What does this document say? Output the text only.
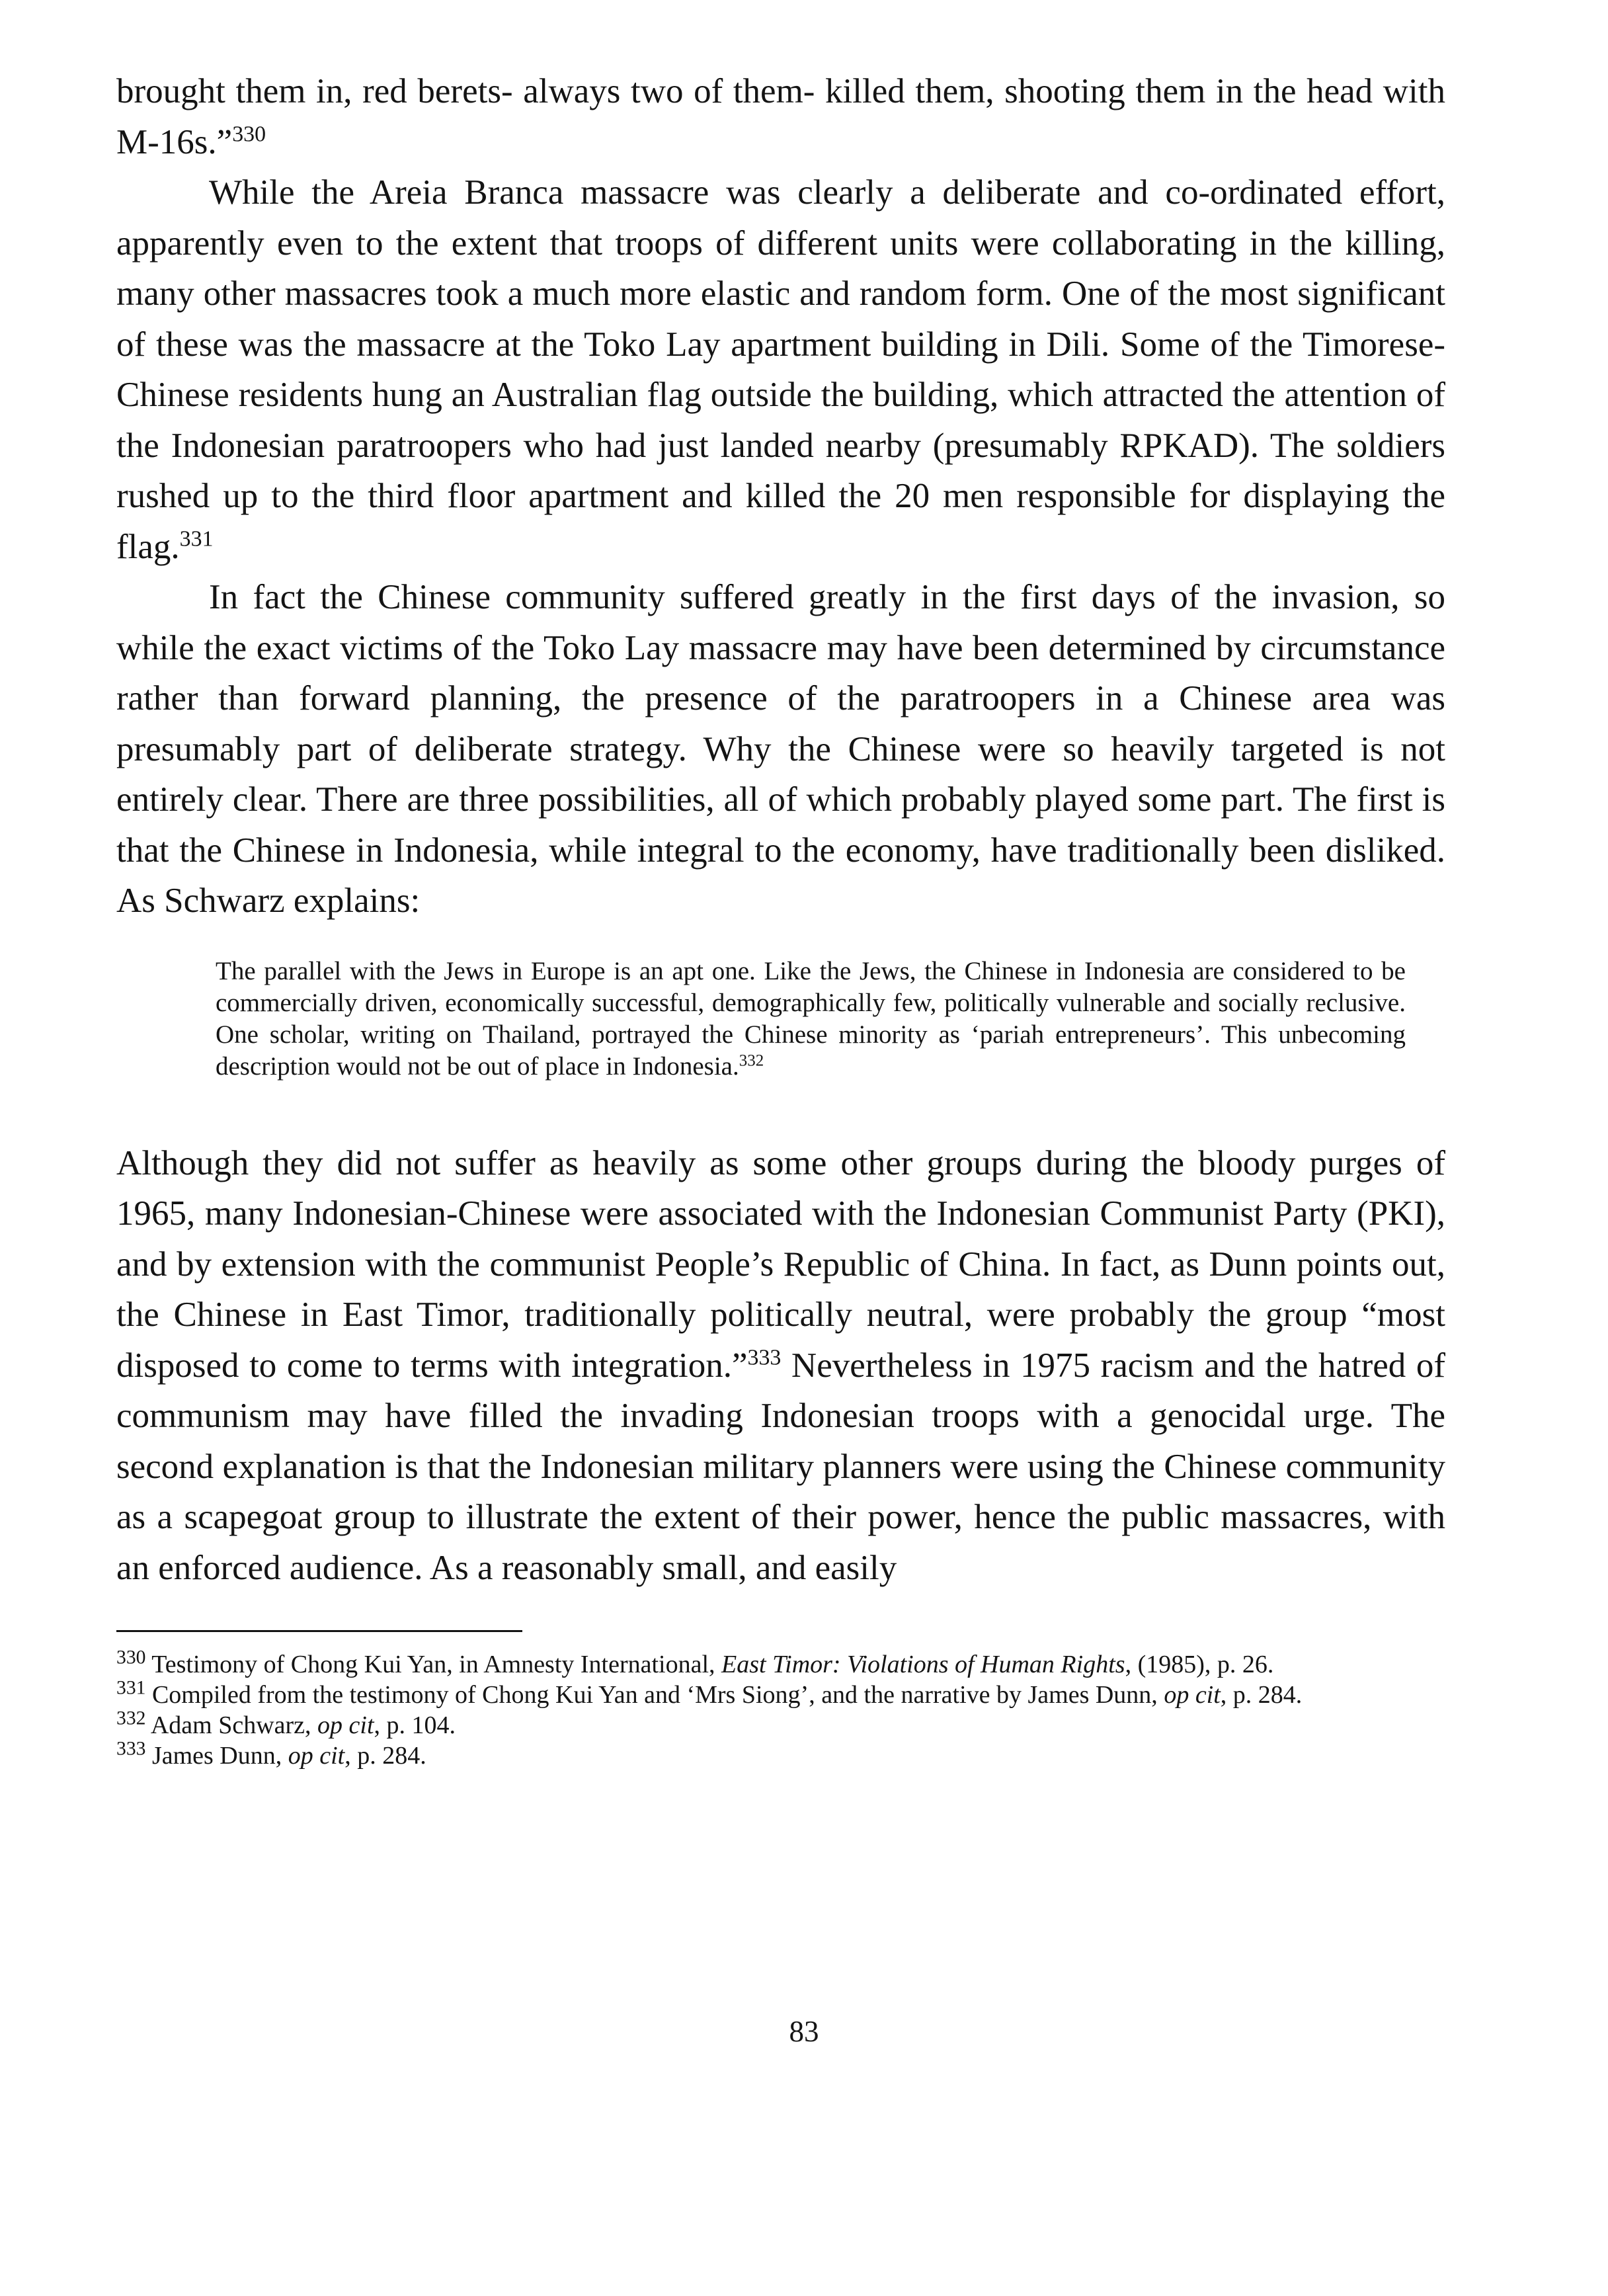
brought them in, red berets- always two of them- killed them, shooting them in the head with M-16s.”$^{330}$

While the Areia Branca massacre was clearly a deliberate and co-ordinated effort, apparently even to the extent that troops of different units were collaborating in the killing, many other massacres took a much more elastic and random form. One of the most significant of these was the massacre at the Toko Lay apartment building in Dili. Some of the Timorese-Chinese residents hung an Australian flag outside the building, which attracted the attention of the Indonesian paratroopers who had just landed nearby (presumably RPKAD). The soldiers rushed up to the third floor apartment and killed the 20 men responsible for displaying the flag.$^{331}$

In fact the Chinese community suffered greatly in the first days of the invasion, so while the exact victims of the Toko Lay massacre may have been determined by circumstance rather than forward planning, the presence of the paratroopers in a Chinese area was presumably part of deliberate strategy. Why the Chinese were so heavily targeted is not entirely clear. There are three possibilities, all of which probably played some part. The first is that the Chinese in Indonesia, while integral to the economy, have traditionally been disliked. As Schwarz explains:

The parallel with the Jews in Europe is an apt one. Like the Jews, the Chinese in Indonesia are considered to be commercially driven, economically successful, demographically few, politically vulnerable and socially reclusive. One scholar, writing on Thailand, portrayed the Chinese minority as ‘pariah entrepreneurs’. This unbecoming description would not be out of place in Indonesia.$^{332}$

Although they did not suffer as heavily as some other groups during the bloody purges of 1965, many Indonesian-Chinese were associated with the Indonesian Communist Party (PKI), and by extension with the communist People’s Republic of China. In fact, as Dunn points out, the Chinese in East Timor, traditionally politically neutral, were probably the group “most disposed to come to terms with integration.”$^{333}$ Nevertheless in 1975 racism and the hatred of communism may have filled the invading Indonesian troops with a genocidal urge. The second explanation is that the Indonesian military planners were using the Chinese community as a scapegoat group to illustrate the extent of their power, hence the public massacres, with an enforced audience. As a reasonably small, and easily

$^{330}$ Testimony of Chong Kui Yan, in Amnesty International, East Timor: Violations of Human Rights, (1985), p. 26.

$^{331}$ Compiled from the testimony of Chong Kui Yan and ‘Mrs Siong’, and the narrative by James Dunn, op cit, p. 284.

$^{332}$ Adam Schwarz, op cit, p. 104.

$^{333}$ James Dunn, op cit, p. 284.

83
